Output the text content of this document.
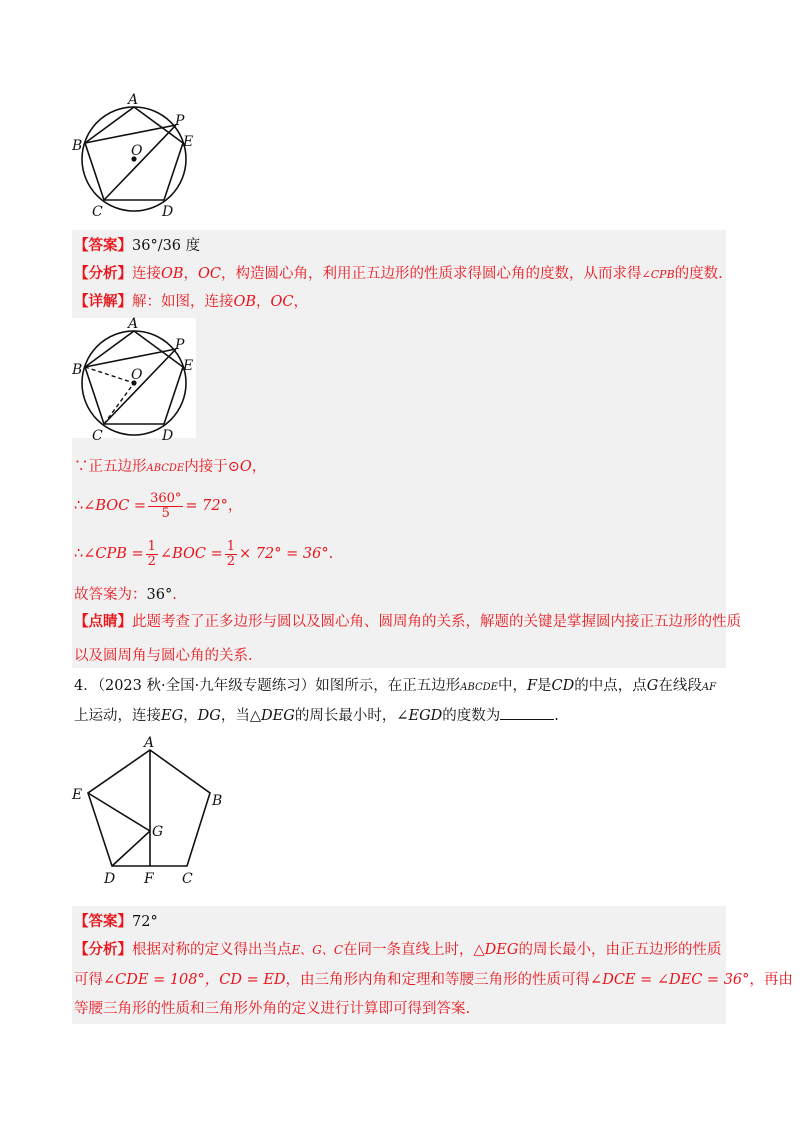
A
B
C	D
E
P
O
【答案】36°/36 度
【分析】连接OB，OC，构造圆心角，利用正五边形的性质求得圆心角的度数，从而求得∠CPB的度数.
【详解】解：如图，连接OB，OC，
A
B
C	D
E
P
O
∵正五边形ABCDE内接于⊙O，
∴∠BOC = $\frac{360^\circ}{5} = 72^\circ$，
∴∠CPB = $\frac{1}{2}$ ∠BOC = $\frac{1}{2} \times 72^\circ = 36^\circ$.
故答案为：36°.
【点睛】此题考查了正多边形与圆以及圆心角、圆周角的关系，解题的关键是掌握圆内接正五边形的性质
以及圆周角与圆心角的关系.
4．（2023 秋·全国·九年级专题练习）如图所示，在正五边形ABCDE中，F是CD的中点，点G在线段AF
上运动，连接EG，DG，当△DEG的周长最小时，∠EGD的度数为	.
A
B
C
D
E
F
G
【答案】72°
【分析】根据对称的定义得出当点E、G、C在同一条直线上时，△DEG的周长最小，由正五边形的性质
可得∠CDE = 108°，CD = ED，由三角形内角和定理和等腰三角形的性质可得∠DCE = ∠DEC = 36°，再由
等腰三角形的性质和三角形外角的定义进行计算即可得到答案.
